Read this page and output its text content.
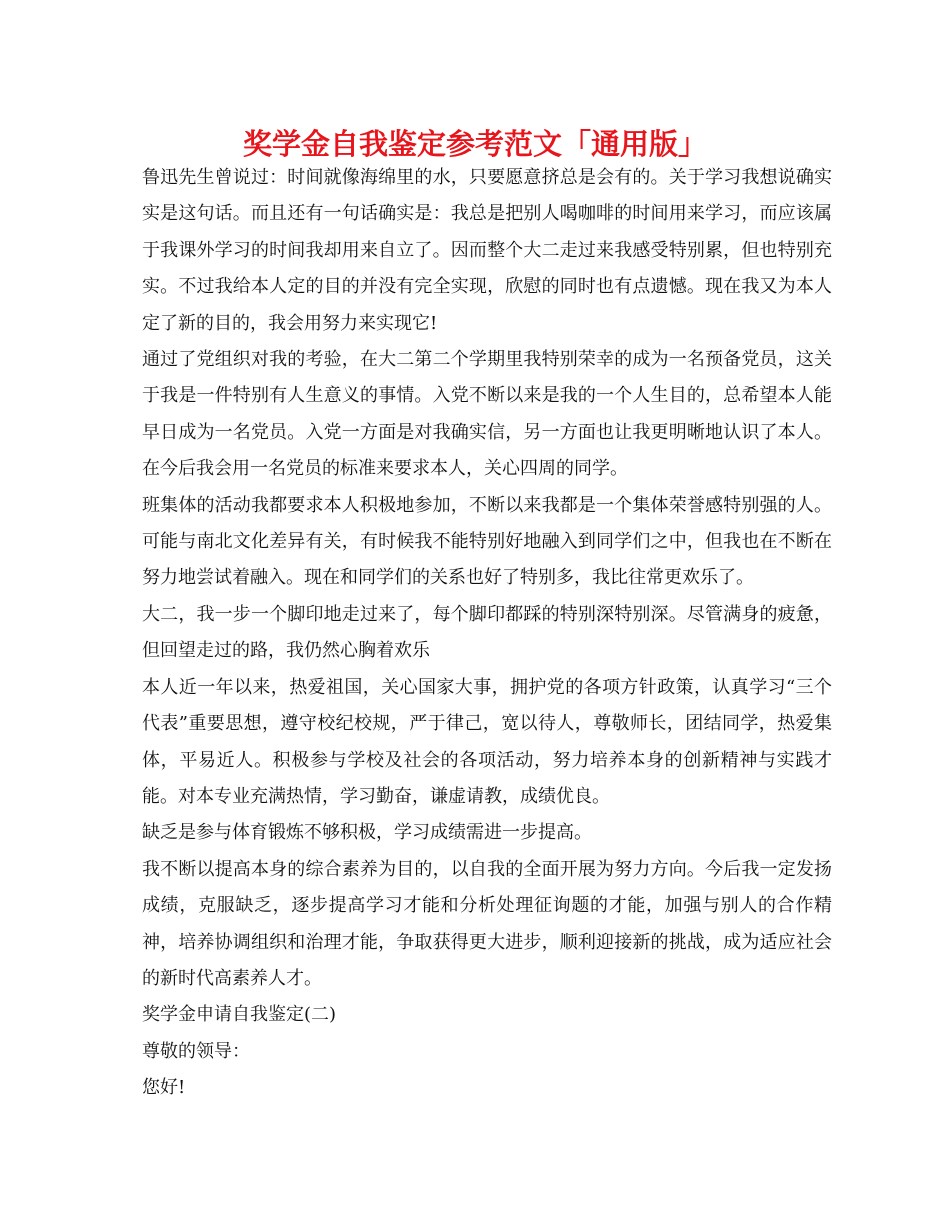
奖学金自我鉴定参考范文「通用版」

鲁迅先生曾说过：时间就像海绵里的水，只要愿意挤总是会有的。关于学习我想说确实实是这句话。而且还有一句话确实是：我总是把别人喝咖啡的时间用来学习，而应该属于我课外学习的时间我却用来自立了。因而整个大二走过来我感受特别累，但也特别充实。不过我给本人定的目的并没有完全实现，欣慰的同时也有点遗憾。现在我又为本人定了新的目的，我会用努力来实现它!

通过了党组织对我的考验，在大二第二个学期里我特别荣幸的成为一名预备党员，这关于我是一件特别有人生意义的事情。入党不断以来是我的一个人生目的，总希望本人能早日成为一名党员。入党一方面是对我确实信，另一方面也让我更明晰地认识了本人。在今后我会用一名党员的标准来要求本人，关心四周的同学。

班集体的活动我都要求本人积极地参加，不断以来我都是一个集体荣誉感特别强的人。可能与南北文化差异有关，有时候我不能特别好地融入到同学们之中，但我也在不断在努力地尝试着融入。现在和同学们的关系也好了特别多，我比往常更欢乐了。

大二，我一步一个脚印地走过来了，每个脚印都踩的特别深特别深。尽管满身的疲惫，但回望走过的路，我仍然心胸着欢乐

本人近一年以来，热爱祖国，关心国家大事，拥护党的各项方针政策，认真学习“三个代表”重要思想，遵守校纪校规，严于律己，宽以待人，尊敬师长，团结同学，热爱集体，平易近人。积极参与学校及社会的各项活动，努力培养本身的创新精神与实践才能。对本专业充满热情，学习勤奋，谦虚请教，成绩优良。

缺乏是参与体育锻炼不够积极，学习成绩需进一步提高。

我不断以提高本身的综合素养为目的，以自我的全面开展为努力方向。今后我一定发扬成绩，克服缺乏，逐步提高学习才能和分析处理征询题的才能，加强与别人的合作精神，培养协调组织和治理才能，争取获得更大进步，顺利迎接新的挑战，成为适应社会的新时代高素养人才。

奖学金申请自我鉴定(二)

尊敬的领导：

您好!
